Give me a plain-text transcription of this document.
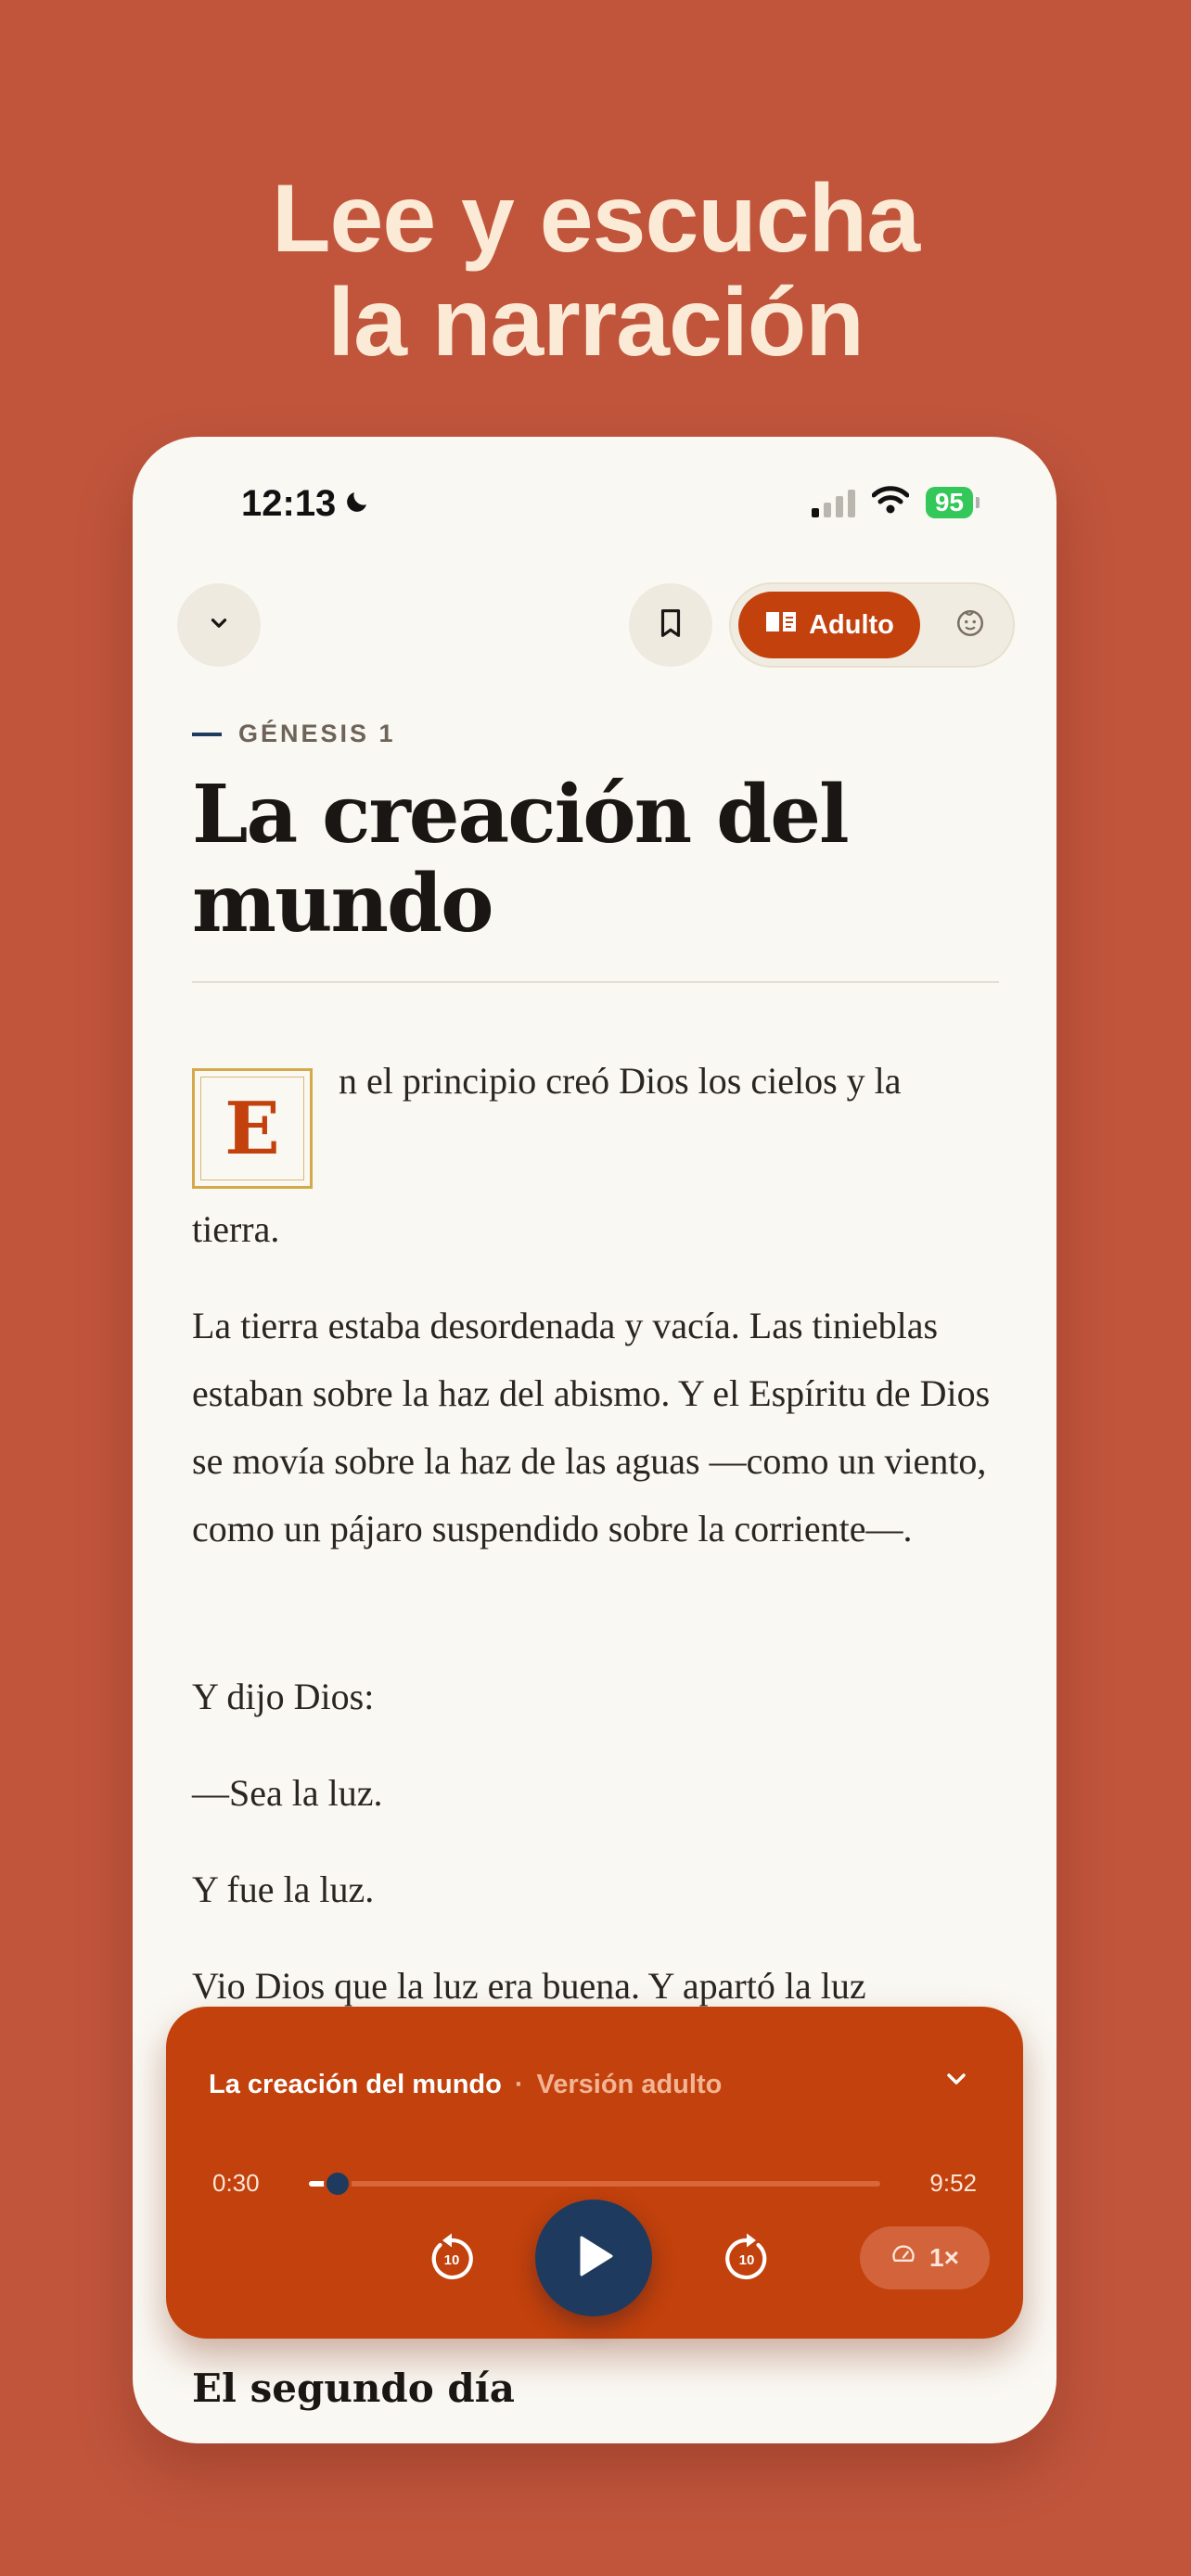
Lee y escucha
la narración
12:13	95
Adulto
GÉNESIS 1
La creación del mundo
E

n el principio creó Dios los cielos y la

tierra.

La tierra estaba desordenada y vacía. Las tinieblas estaban sobre la haz del abismo. Y el Espíritu de Dios se movía sobre la haz de las aguas —como un viento, como un pájaro suspendido sobre la corriente—.

Y dijo Dios:

—Sea la luz.

Y fue la luz.

Vio Dios que la luz era buena. Y apartó la luz

La creación del mundo · Versión adulto
0:30	9:52
10	10	1×
El segundo día
